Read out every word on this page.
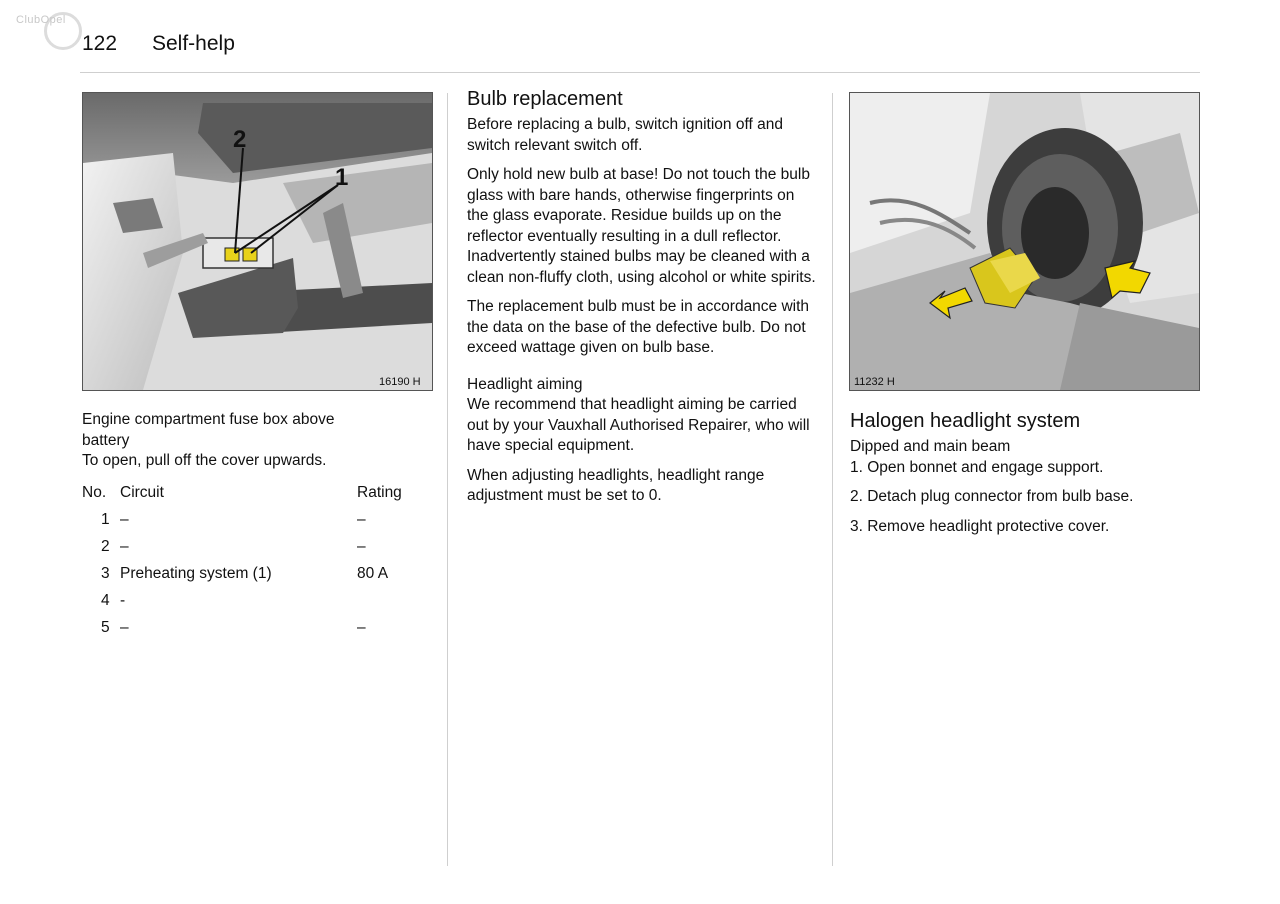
ClubOpel
122 Self-help
2
1
16190 H
Engine compartment fuse box above
battery
To open, pull off the cover upwards.
No.	Circuit	Rating
1	–	–
2	–	–
3	Preheating system (1)	80 A
4	-	
5	–	–
Bulb replacement

Before replacing a bulb, switch ignition off and switch relevant switch off.

Only hold new bulb at base! Do not touch the bulb glass with bare hands, otherwise fingerprints on the glass evaporate. Residue builds up on the reflector eventually resulting in a dull reflector. Inadvertently stained bulbs may be cleaned with a clean non-fluffy cloth, using alcohol or white spirits.

The replacement bulb must be in accordance with the data on the base of the defective bulb. Do not exceed wattage given on bulb base.

Headlight aiming

We recommend that headlight aiming be carried out by your Vauxhall Authorised Repairer, who will have special equipment.

When adjusting headlights, headlight range adjustment must be set to 0.

11232 H
Halogen headlight system
Dipped and main beam
1. Open bonnet and engage support.
2. Detach plug connector from bulb base.
3. Remove headlight protective cover.
